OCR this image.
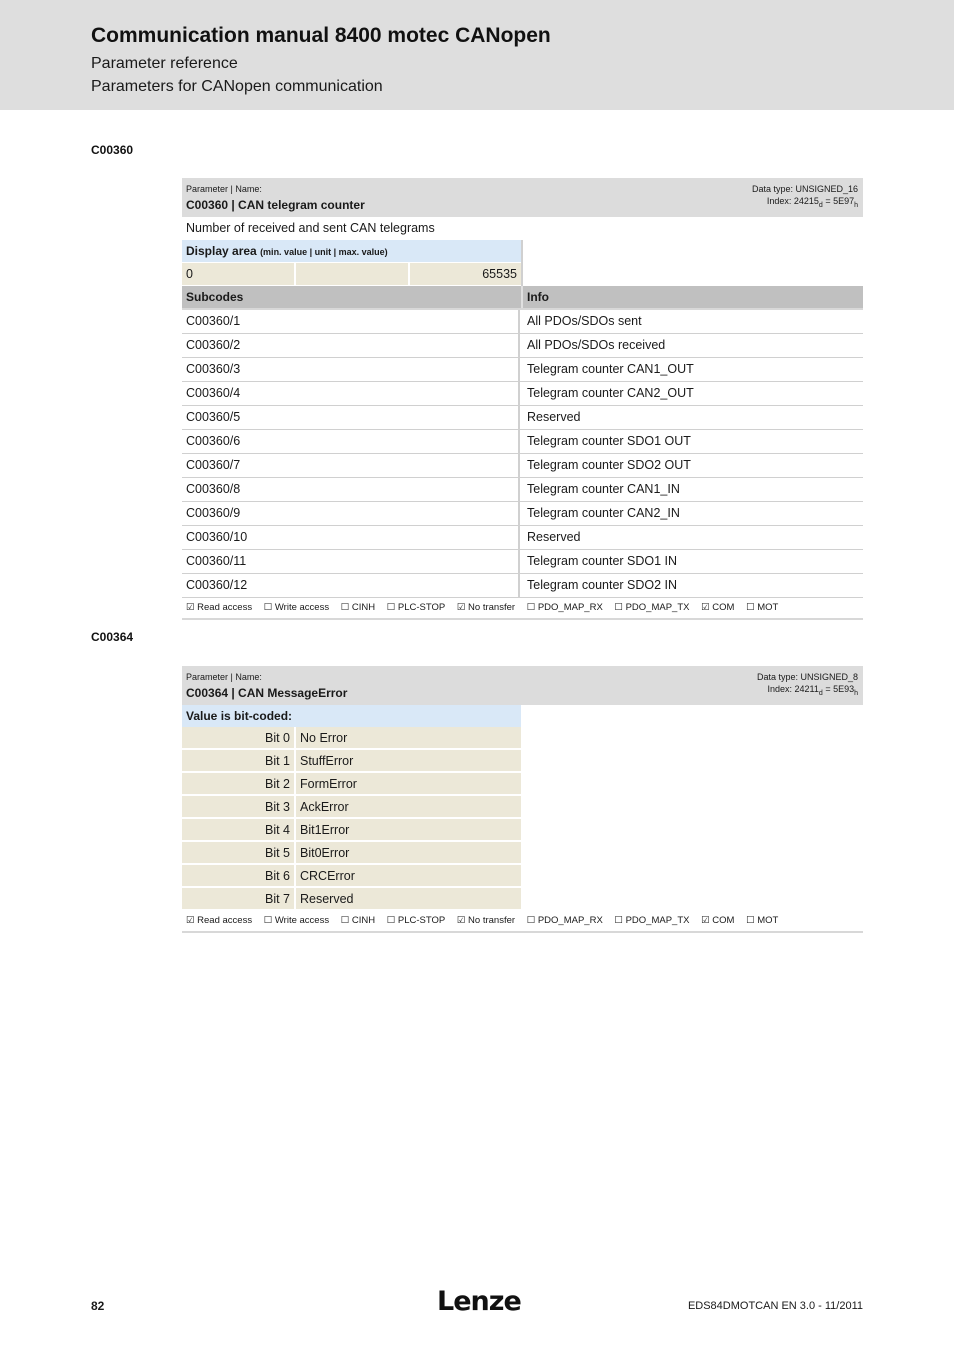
Communication manual 8400 motec CANopen
Parameter reference
Parameters for CANopen communication
C00360
Parameter | Name:
C00360 | CAN telegram counter
Data type: UNSIGNED_16
Index: $24215_d = 5E97_h$
Number of received and sent CAN telegrams
Display area (min. value | unit | max. value)
0	65535
Subcodes	Info
C00360/1	All PDOs/SDOs sent
C00360/2	All PDOs/SDOs received
C00360/3	Telegram counter CAN1_OUT
C00360/4	Telegram counter CAN2_OUT
C00360/5	Reserved
C00360/6	Telegram counter SDO1 OUT
C00360/7	Telegram counter SDO2 OUT
C00360/8	Telegram counter CAN1_IN
C00360/9	Telegram counter CAN2_IN
C00360/10	Reserved
C00360/11	Telegram counter SDO1 IN
C00360/12	Telegram counter SDO2 IN
☑ Read access ☐ Write access ☐ CINH ☐ PLC-STOP ☑ No transfer ☐ PDO_MAP_RX ☐ PDO_MAP_TX ☑ COM ☐ MOT
C00364
Parameter | Name:
C00364 | CAN MessageError
Data type: UNSIGNED_8
Index: $24211_d = 5E93_h$
Value is bit-coded:
Bit 0 No Error
Bit 1 StuffError
Bit 2 FormError
Bit 3 AckError
Bit 4 Bit1Error
Bit 5 Bit0Error
Bit 6 CRCError
Bit 7 Reserved
☑ Read access ☐ Write access ☐ CINH ☐ PLC-STOP ☑ No transfer ☐ PDO_MAP_RX ☐ PDO_MAP_TX ☑ COM ☐ MOT
82	Lenze	EDS84DMOTCAN EN 3.0 - 11/2011
